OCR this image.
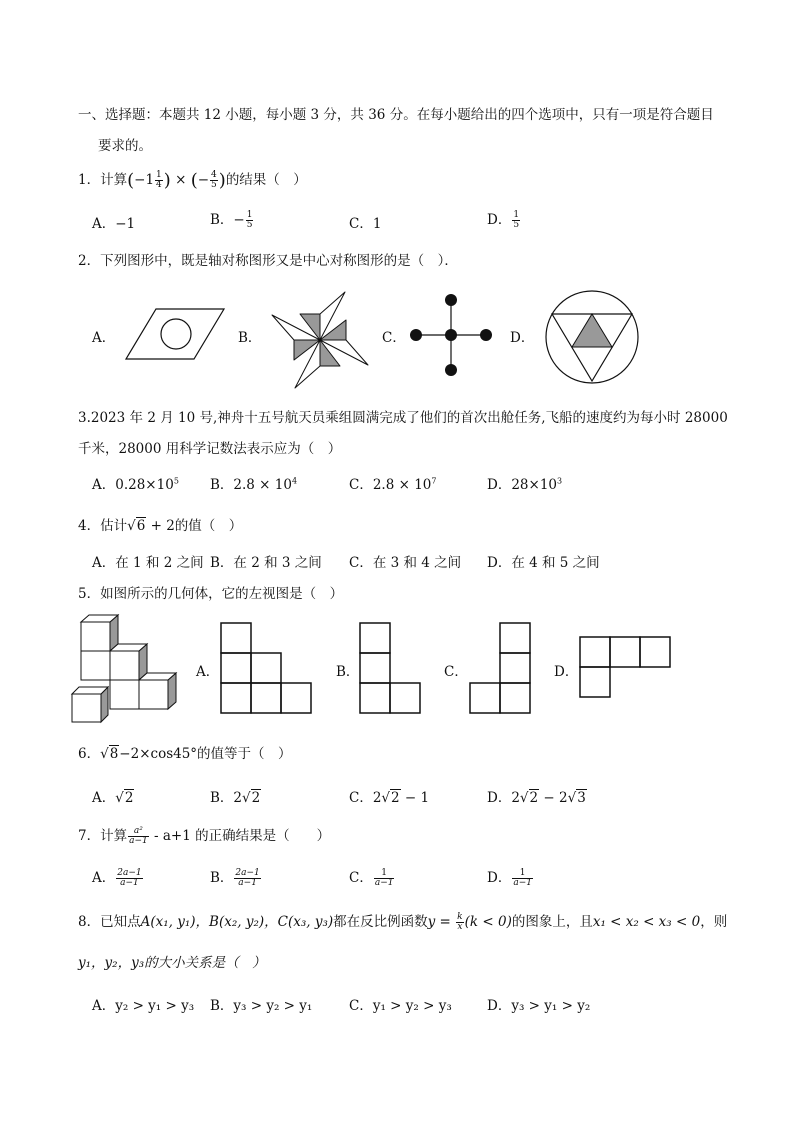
一、选择题：本题共 12 小题，每小题 3 分，共 36 分。在每小题给出的四个选项中，只有一项是符合题目
要求的。
1．计算(− $1 \frac{1}{4}$ ) × (− $\frac{4}{5}$ )的结果（　）
A．−1	B．− $\frac{1}{5}$	C．1	D． $\frac{1}{5}$
2．下列图形中，既是轴对称图形又是中心对称图形的是（　）．
A．	B．	C．	D．
3.2023 年 2 月 10 号,神舟十五号航天员乘组圆满完成了他们的首次出舱任务,飞船的速度约为每小时 28000
千米，28000 用科学记数法表示应为（　）
A．$0.28\times 10^5$ B．$2.8 \times 10^4$	C．$2.8 \times 10^7$	D．$28\times 10^3$
4．估计√6 + 2的值（　）
A．在 1 和 2 之间 B．在 2 和 3 之间 C．在 3 和 4 之间 D．在 4 和 5 之间
5．如图所示的几何体，它的左视图是（　）
A．	B．	C．	D．
6．√8−2×cos45°的值等于（　）
A．√2	B．2√2	C．2√2 − 1	D．2√2 − 2√3
7．计算 $\frac{\text{a²}}{a-1} - a+1$ 的正确结果是（　　）
A． $\frac{2a-1}{a-1}$	B． $\frac{2a-1}{a-1}$	C． $\frac{1}{a-1}$	D． $\frac{1}{a-1}$
8．已知点A(x₁, y₁)，B(x₂, y₂)，C(x₃, y₃)都在反比例函数$y = \frac{k}{x} (k < 0)$的图象上，且x₁ < x₂ < x₃ < 0，则
y₁，y₂，y₃的大小关系是（　）
A．y₂ > y₁ > y₃ B．y₃ > y₂ > y₁	C．y₁ > y₂ > y₃	D．y₃ > y₁ > y₂
